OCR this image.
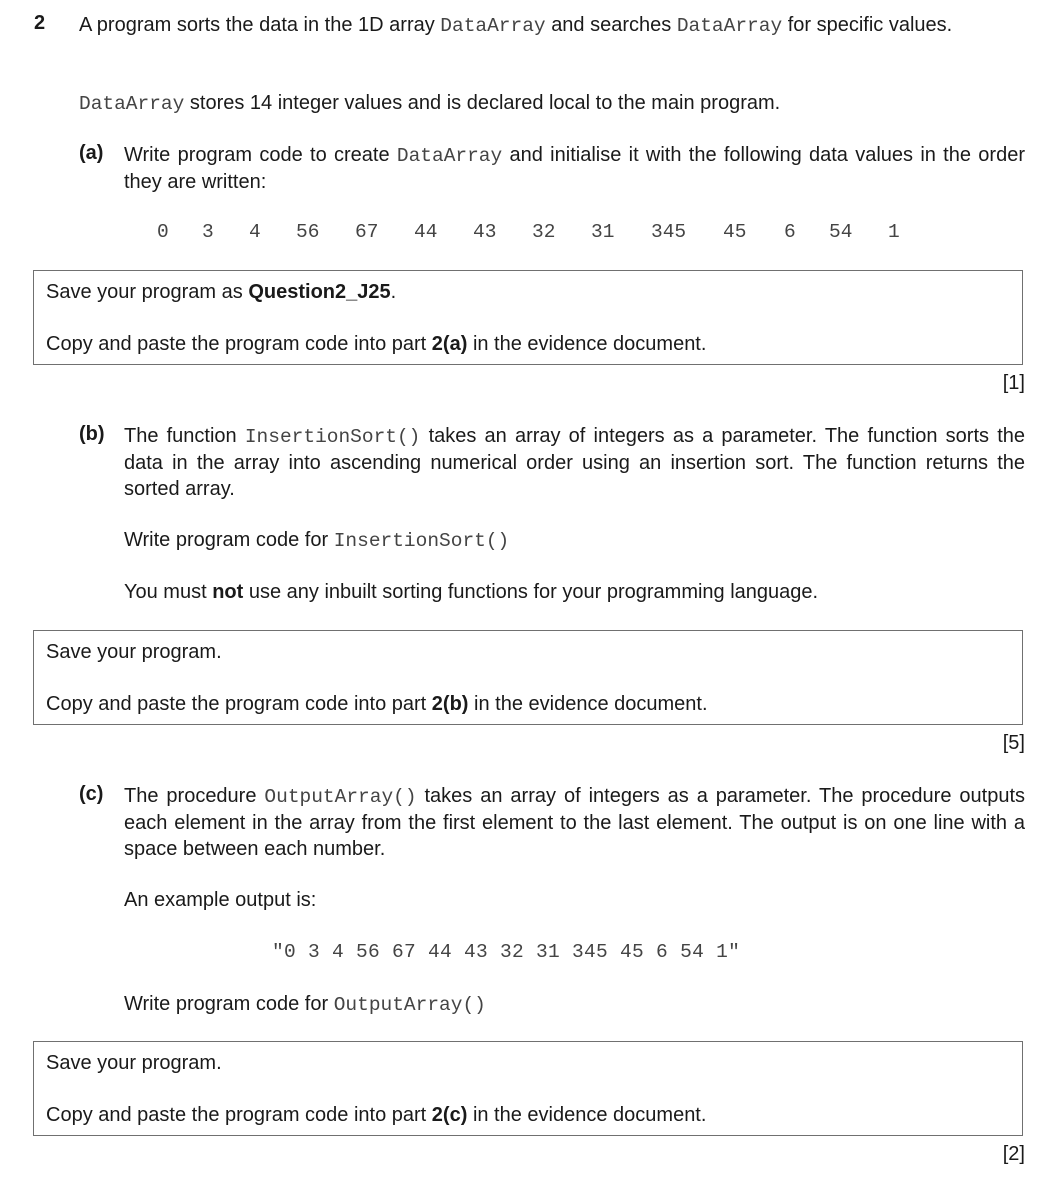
2 A program sorts the data in the 1D array DataArray and searches DataArray for specific values.
DataArray stores 14 integer values and is declared local to the main program.
(a) Write program code to create DataArray and initialise it with the following data values in the order they are written:
0 3 4 56 67 44 43 32 31 345 45 6 54 1
Save your program as Question2_J25.
Copy and paste the program code into part 2(a) in the evidence document.
[1]
(b) The function InsertionSort() takes an array of integers as a parameter. The function sorts the data in the array into ascending numerical order using an insertion sort. The function returns the sorted array.
Write program code for InsertionSort()
You must not use any inbuilt sorting functions for your programming language.
Save your program.
Copy and paste the program code into part 2(b) in the evidence document.
[5]
(c) The procedure OutputArray() takes an array of integers as a parameter. The procedure outputs each element in the array from the first element to the last element. The output is on one line with a space between each number.
An example output is:
"0 3 4 56 67 44 43 32 31 345 45 6 54 1"
Write program code for OutputArray()
Save your program.
Copy and paste the program code into part 2(c) in the evidence document.
[2]
